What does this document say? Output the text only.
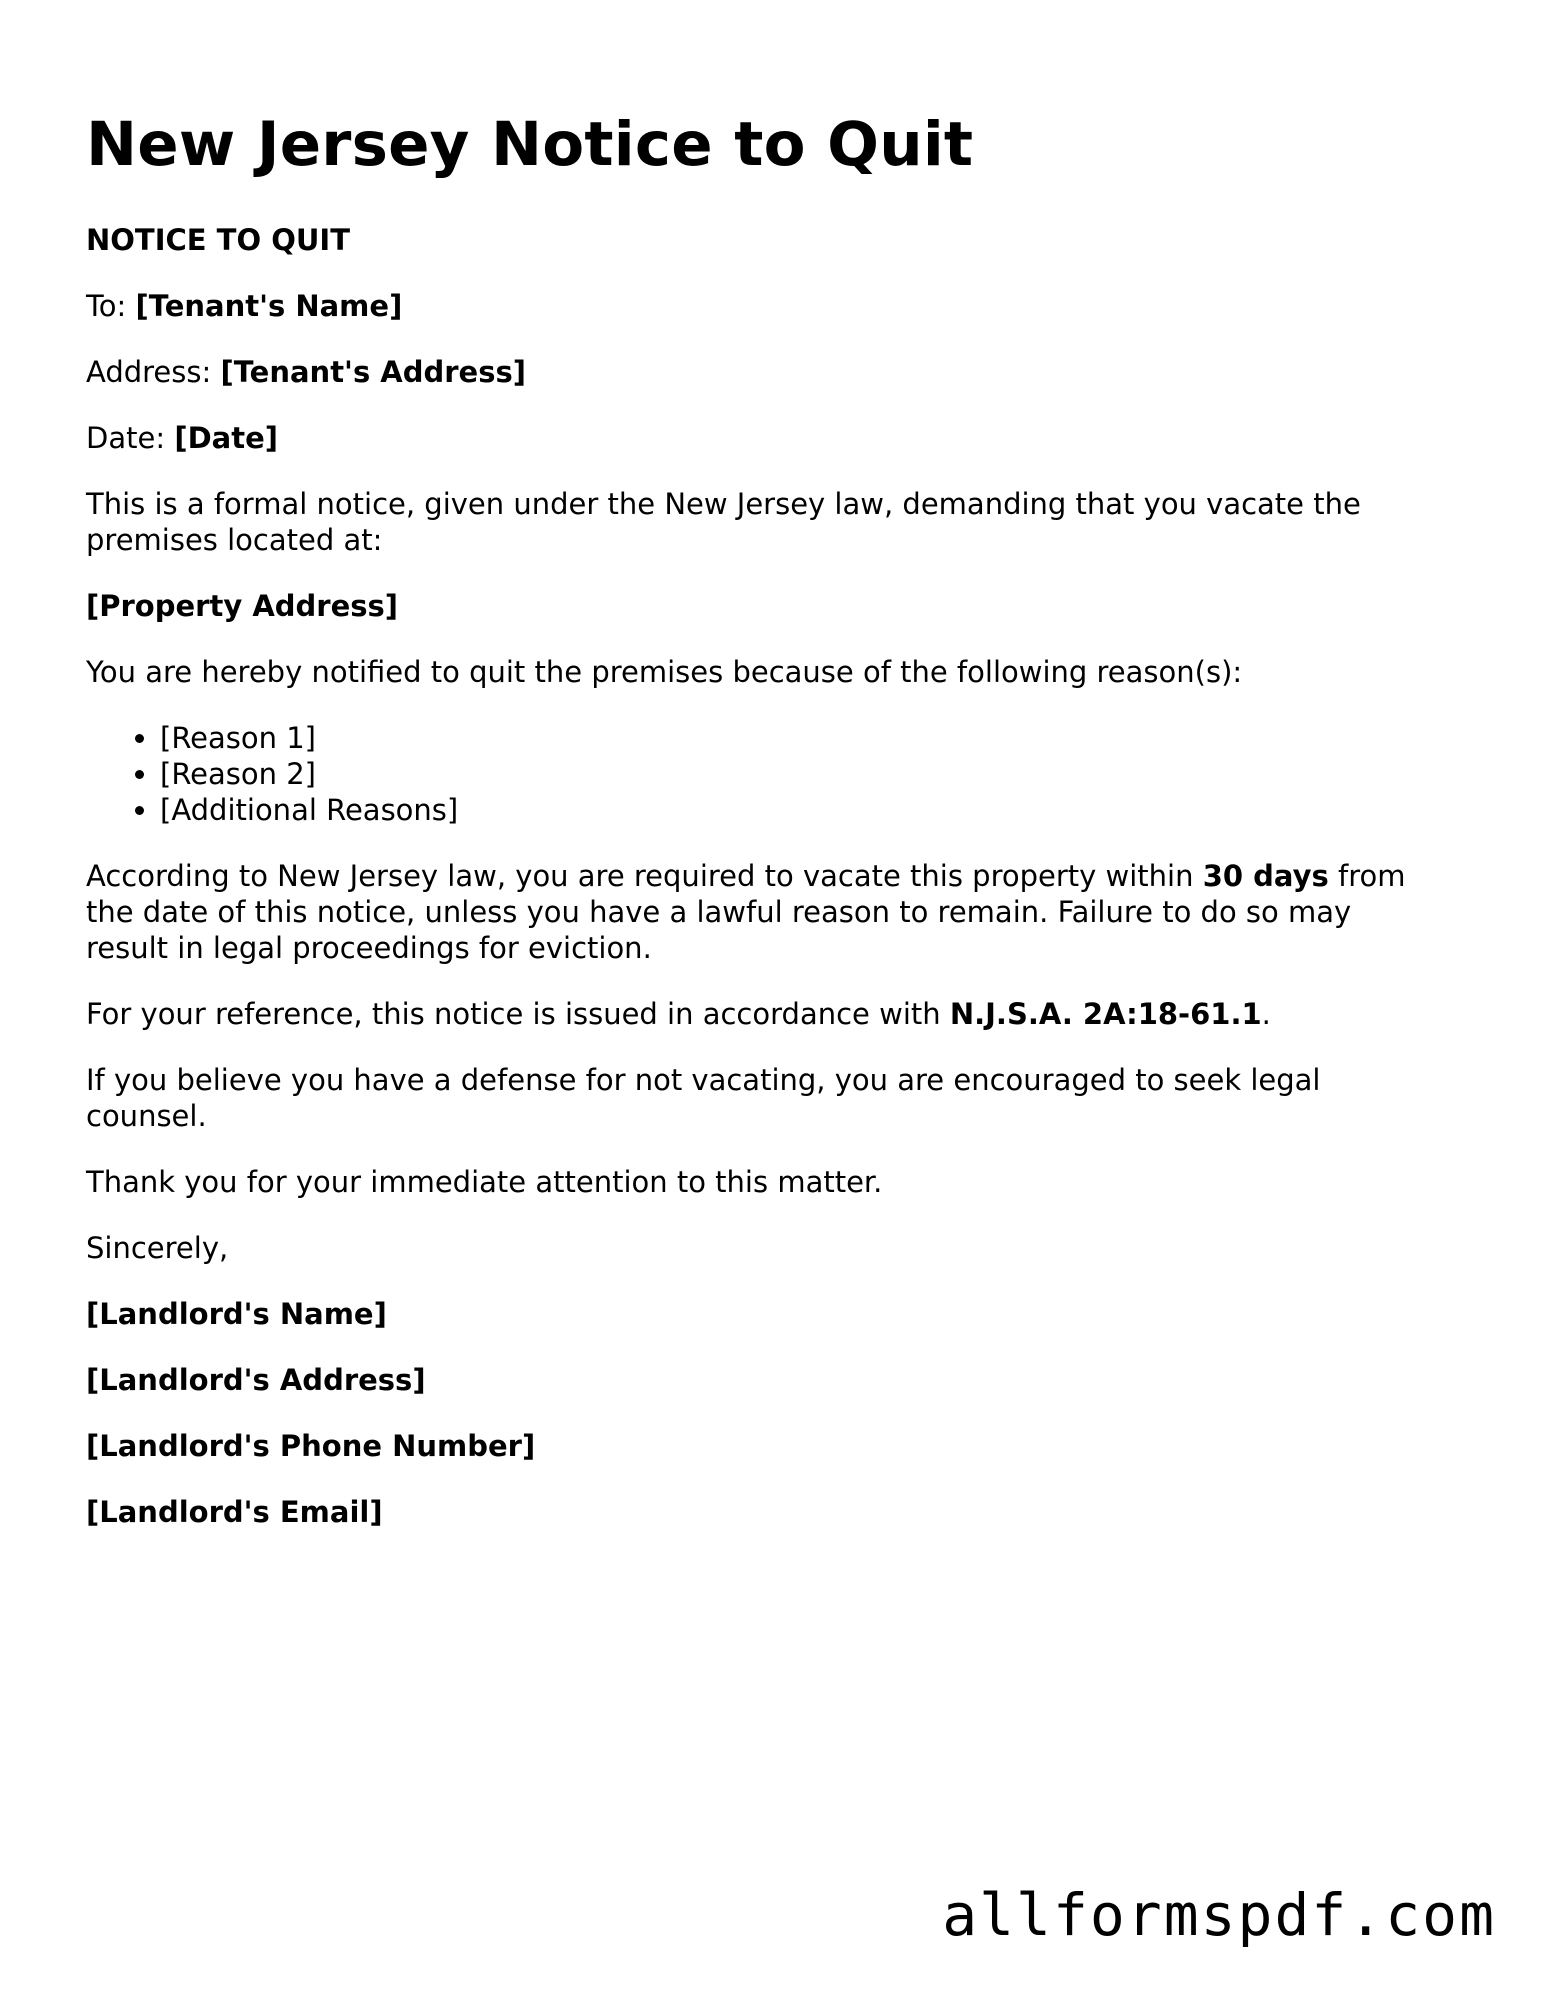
New Jersey Notice to Quit

NOTICE TO QUIT

To: [Tenant's Name]

Address: [Tenant's Address]

Date: [Date]

This is a formal notice, given under the New Jersey law, demanding that you vacate the premises located at:

[Property Address]

You are hereby notified to quit the premises because of the following reason(s):

• [Reason 1]
• [Reason 2]
• [Additional Reasons]

According to New Jersey law, you are required to vacate this property within 30 days from the date of this notice, unless you have a lawful reason to remain. Failure to do so may result in legal proceedings for eviction.

For your reference, this notice is issued in accordance with N.J.S.A. 2A:18-61.1.

If you believe you have a defense for not vacating, you are encouraged to seek legal counsel.

Thank you for your immediate attention to this matter.

Sincerely,

[Landlord's Name]

[Landlord's Address]

[Landlord's Phone Number]

[Landlord's Email]

allformspdf.com
